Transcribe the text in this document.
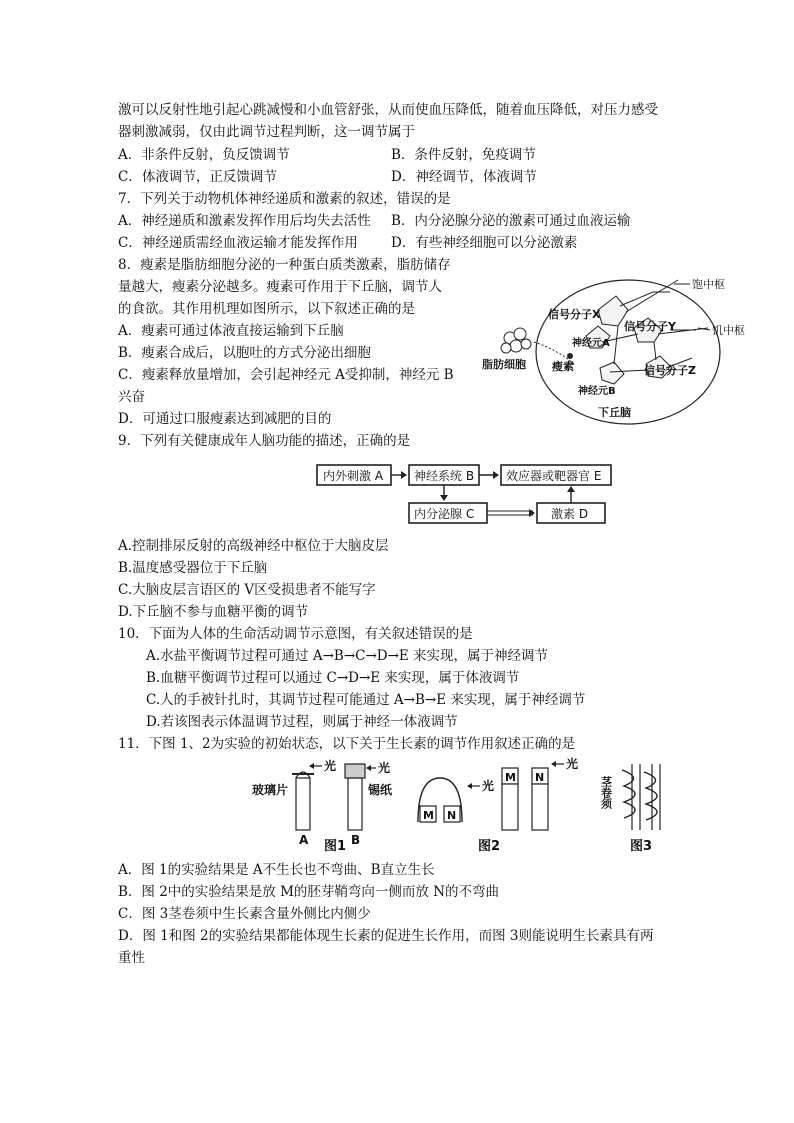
激可以反射性地引起心跳减慢和小血管舒张，从而使血压降低，随着血压降低，对压力感受
器刺激减弱，仅由此调节过程判断，这一调节属于
A．非条件反射，负反馈调节	B．条件反射，免疫调节
C．体液调节，正反馈调节	D．神经调节，体液调节
7．下列关于动物机体神经递质和激素的叙述，错误的是
A．神经递质和激素发挥作用后均失去活性 B．内分泌腺分泌的激素可通过血液运输
C．神经递质需经血液运输才能发挥作用 D．有些神经细胞可以分泌激素
8．瘦素是脂肪细胞分泌的一种蛋白质类激素，脂肪储存
量越大，瘦素分泌越多。瘦素可作用于下丘脑，调节人
的食欲。其作用机理如图所示，以下叙述正确的是
A．瘦素可通过体液直接运输到下丘脑
B．瘦素合成后，以胞吐的方式分泌出细胞
C．瘦素释放量增加，会引起神经元 A受抑制，神经元 B
兴奋
D．可通过口服瘦素达到减肥的目的
饱中枢
饥中枢
信号分子X
信号分子Y
信号分子Z
神经元A
神经元B
脂肪细胞 瘦素
下丘脑
9．下列有关健康成年人脑功能的描述，正确的是
内外刺激 A	神经系统 B	效应器或靶器官 E
内分泌腺 C	激素 D
A.控制排尿反射的高级神经中枢位于大脑皮层
B.温度感受器位于下丘脑
C.大脑皮层言语区的 V区受损患者不能写字
D.下丘脑不参与血糖平衡的调节
10．下面为人体的生命活动调节示意图，有关叙述错误的是
A.水盐平衡调节过程可通过 A→B→C→D→E 来实现，属于神经调节
B.血糖平衡调节过程可以通过 C→D→E 来实现，属于体液调节
C.人的手被针扎时，其调节过程可能通过 A→B→E 来实现，属于神经调节
D.若该图表示体温调节过程，则属于神经一体液调节
11．下图 1、2为实验的初始状态，以下关于生长素的调节作用叙述正确的是
光
玻璃片
A
光
锡纸
B
M N
光
M N
光
茎卷须
图1	图2	图3
A．图 1的实验结果是 A不生长也不弯曲、B直立生长
B．图 2中的实验结果是放 M的胚芽鞘弯向一侧而放 N的不弯曲
C．图 3茎卷须中生长素含量外侧比内侧少
D．图 1和图 2的实验结果都能体现生长素的促进生长作用，而图 3则能说明生长素具有两
重性
